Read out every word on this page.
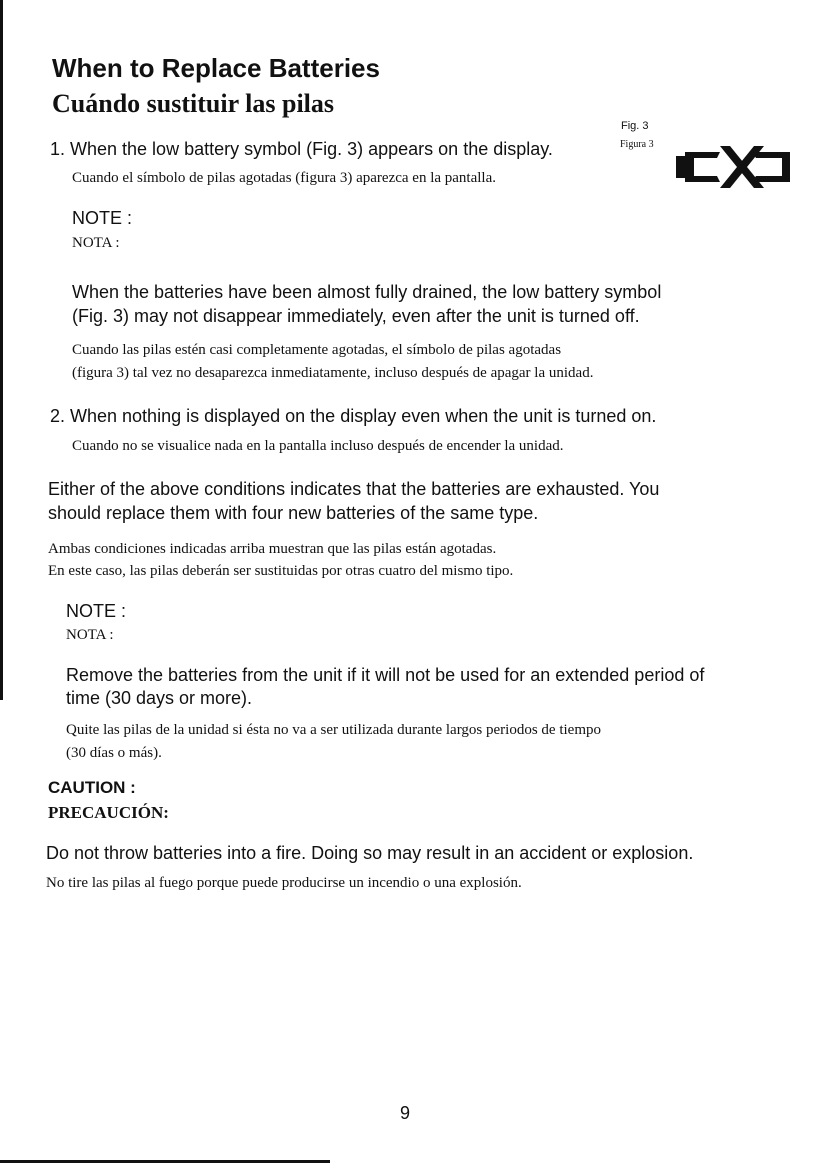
When to Replace Batteries
Cuándo sustituir las pilas
Fig. 3
Figura 3
1. When the low battery symbol (Fig. 3) appears on the display.
Cuando el símbolo de pilas agotadas (figura 3) aparezca en la pantalla.
NOTE :
NOTA :
When the batteries have been almost fully drained, the low battery symbol
(Fig. 3) may not disappear immediately, even after the unit is turned off.
Cuando las pilas estén casi completamente agotadas, el símbolo de pilas agotadas
(figura 3) tal vez no desaparezca inmediatamente, incluso después de apagar la unidad.
2. When nothing is displayed on the display even when the unit is turned on.
Cuando no se visualice nada en la pantalla incluso después de encender la unidad.
Either of the above conditions indicates that the batteries are exhausted. You
should replace them with four new batteries of the same type.
Ambas condiciones indicadas arriba muestran que las pilas están agotadas.
En este caso, las pilas deberán ser sustituidas por otras cuatro del mismo tipo.
NOTE :
NOTA :
Remove the batteries from the unit if it will not be used for an extended period of
time (30 days or more).
Quite las pilas de la unidad si ésta no va a ser utilizada durante largos periodos de tiempo
(30 días o más).
CAUTION :
PRECAUCIÓN:
Do not throw batteries into a fire. Doing so may result in an accident or explosion.
No tire las pilas al fuego porque puede producirse un incendio o una explosión.
9
